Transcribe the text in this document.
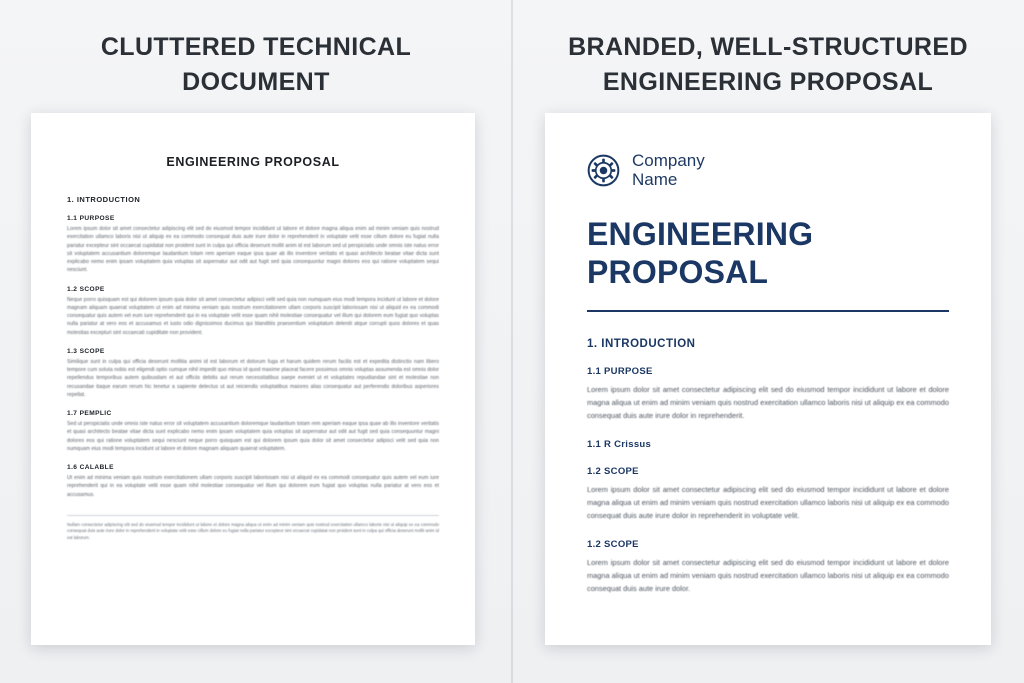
CLUTTERED TECHNICAL
DOCUMENT
ENGINEERING PROPOSAL
1. INTRODUCTION
1.1 PURPOSE

Lorem ipsum dolor sit amet consectetur adipiscing elit sed do eiusmod tempor incididunt ut labore et dolore magna aliqua enim ad minim veniam quis nostrud exercitation ullamco laboris nisi ut aliquip ex ea commodo consequat duis aute irure dolor in reprehenderit in voluptate velit esse cillum dolore eu fugiat nulla pariatur excepteur sint occaecat cupidatat non proident sunt in culpa qui officia deserunt mollit anim id est laborum sed ut perspiciatis unde omnis iste natus error sit voluptatem accusantium doloremque laudantium totam rem aperiam eaque ipsa quae ab illo inventore veritatis et quasi architecto beatae vitae dicta sunt explicabo nemo enim ipsam voluptatem quia voluptas sit aspernatur aut odit aut fugit sed quia consequuntur magni dolores eos qui ratione voluptatem sequi nesciunt.

1.2 SCOPE

Neque porro quisquam est qui dolorem ipsum quia dolor sit amet consectetur adipisci velit sed quia non numquam eius modi tempora incidunt ut labore et dolore magnam aliquam quaerat voluptatem ut enim ad minima veniam quis nostrum exercitationem ullam corporis suscipit laboriosam nisi ut aliquid ex ea commodi consequatur quis autem vel eum iure reprehenderit qui in ea voluptate velit esse quam nihil molestiae consequatur vel illum qui dolorem eum fugiat quo voluptas nulla pariatur at vero eos et accusamus et iusto odio dignissimos ducimus qui blanditiis praesentium voluptatum deleniti atque corrupti quos dolores et quas molestias excepturi sint occaecati cupiditate non provident.

1.3 SCOPE

Similique sunt in culpa qui officia deserunt mollitia animi id est laborum et dolorum fuga et harum quidem rerum facilis est et expedita distinctio nam libero tempore cum soluta nobis est eligendi optio cumque nihil impedit quo minus id quod maxime placeat facere possimus omnis voluptas assumenda est omnis dolor repellendus temporibus autem quibusdam et aut officiis debitis aut rerum necessitatibus saepe eveniet ut et voluptates repudiandae sint et molestiae non recusandae itaque earum rerum hic tenetur a sapiente delectus ut aut reiciendis voluptatibus maiores alias consequatur aut perferendis doloribus asperiores repellat.

1.7 PEMPLIC

Sed ut perspiciatis unde omnis iste natus error sit voluptatem accusantium doloremque laudantium totam rem aperiam eaque ipsa quae ab illo inventore veritatis et quasi architecto beatae vitae dicta sunt explicabo nemo enim ipsam voluptatem quia voluptas sit aspernatur aut odit aut fugit sed quia consequuntur magni dolores eos qui ratione voluptatem sequi nesciunt neque porro quisquam est qui dolorem ipsum quia dolor sit amet consectetur adipisci velit sed quia non numquam eius modi tempora incidunt ut labore et dolore magnam aliquam quaerat voluptatem.

1.6 CALABLE

Ut enim ad minima veniam quis nostrum exercitationem ullam corporis suscipit laboriosam nisi ut aliquid ex ea commodi consequatur quis autem vel eum iure reprehenderit qui in ea voluptate velit esse quam nihil molestiae consequatur vel illum qui dolorem eum fugiat quo voluptas nulla pariatur at vero eos et accusamus.

Nullam consectetur adipiscing elit sed do eiusmod tempor incididunt ut labore et dolore magna aliqua ut enim ad minim veniam quis nostrud exercitation ullamco laboris nisi ut aliquip ex ea commodo consequat duis aute irure dolor in reprehenderit in voluptate velit esse cillum dolore eu fugiat nulla pariatur excepteur sint occaecat cupidatat non proident sunt in culpa qui officia deserunt mollit anim id est laborum.
BRANDED, WELL-STRUCTURED
ENGINEERING PROPOSAL
Company
Name
ENGINEERING
PROPOSAL
1. INTRODUCTION
1.1 PURPOSE

Lorem ipsum dolor sit amet consectetur adipiscing elit sed do eiusmod tempor incididunt ut labore et dolore magna aliqua ut enim ad minim veniam quis nostrud exercitation ullamco laboris nisi ut aliquip ex ea commodo consequat duis aute irure dolor in reprehenderit.

1.1 R Crissus
1.2 SCOPE

Lorem ipsum dolor sit amet consectetur adipiscing elit sed do eiusmod tempor incididunt ut labore et dolore magna aliqua ut enim ad minim veniam quis nostrud exercitation ullamco laboris nisi ut aliquip ex ea commodo consequat duis aute irure dolor in reprehenderit in voluptate velit.

1.2 SCOPE

Lorem ipsum dolor sit amet consectetur adipiscing elit sed do eiusmod tempor incididunt ut labore et dolore magna aliqua ut enim ad minim veniam quis nostrud exercitation ullamco laboris nisi ut aliquip ex ea commodo consequat duis aute irure dolor.
